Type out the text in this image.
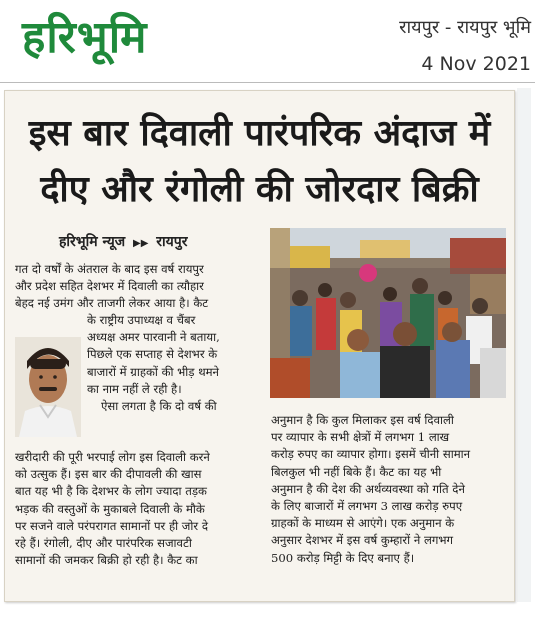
हरिभूमि	रायपुर - रायपुर भूमि
4 Nov 2021
इस बार दिवाली पारंपरिक अंदाज में
दीए और रंगोली की जोरदार बिक्री
हरिभूमि न्यूज ▶▶ रायपुर
गत दो वर्षों के अंतराल के बाद इस वर्ष रायपुर
और प्रदेश सहित देशभर में दिवाली का त्यौहार
बेहद नई उमंग और ताजगी लेकर आया है। कैट
के राष्ट्रीय उपाध्यक्ष व चैंबर
अध्यक्ष अमर पारवानी ने बताया,
पिछले एक सप्ताह से देशभर के
बाजारों में ग्राहकों की भीड़ थमने
का नाम नहीं ले रही है।
ऐसा लगता है कि दो वर्ष की
खरीदारी की पूरी भरपाई लोग इस दिवाली करने
को उत्सुक हैं। इस बार की दीपावली की खास
बात यह भी है कि देशभर के लोग ज्यादा तड़क
भड़क की वस्तुओं के मुकाबले दिवाली के मौके
पर सजने वाले परंपरागत सामानों पर ही जोर दे
रहे हैं। रंगोली, दीए और पारंपरिक सजावटी
सामानों की जमकर बिक्री हो रही है। कैट का
अनुमान है कि कुल मिलाकर इस वर्ष दिवाली
पर व्यापार के सभी क्षेत्रों में लगभग 1 लाख
करोड़ रुपए का व्यापार होगा। इसमें चीनी सामान
बिलकुल भी नहीं बिके हैं। कैट का यह भी
अनुमान है की देश की अर्थव्यवस्था को गति देने
के लिए बाजारों में लगभग 3 लाख करोड़ रुपए
ग्राहकों के माध्यम से आएंगे। एक अनुमान के
अनुसार देशभर में इस वर्ष कुम्हारों ने लगभग
500 करोड़ मिट्टी के दिए बनाए हैं।
